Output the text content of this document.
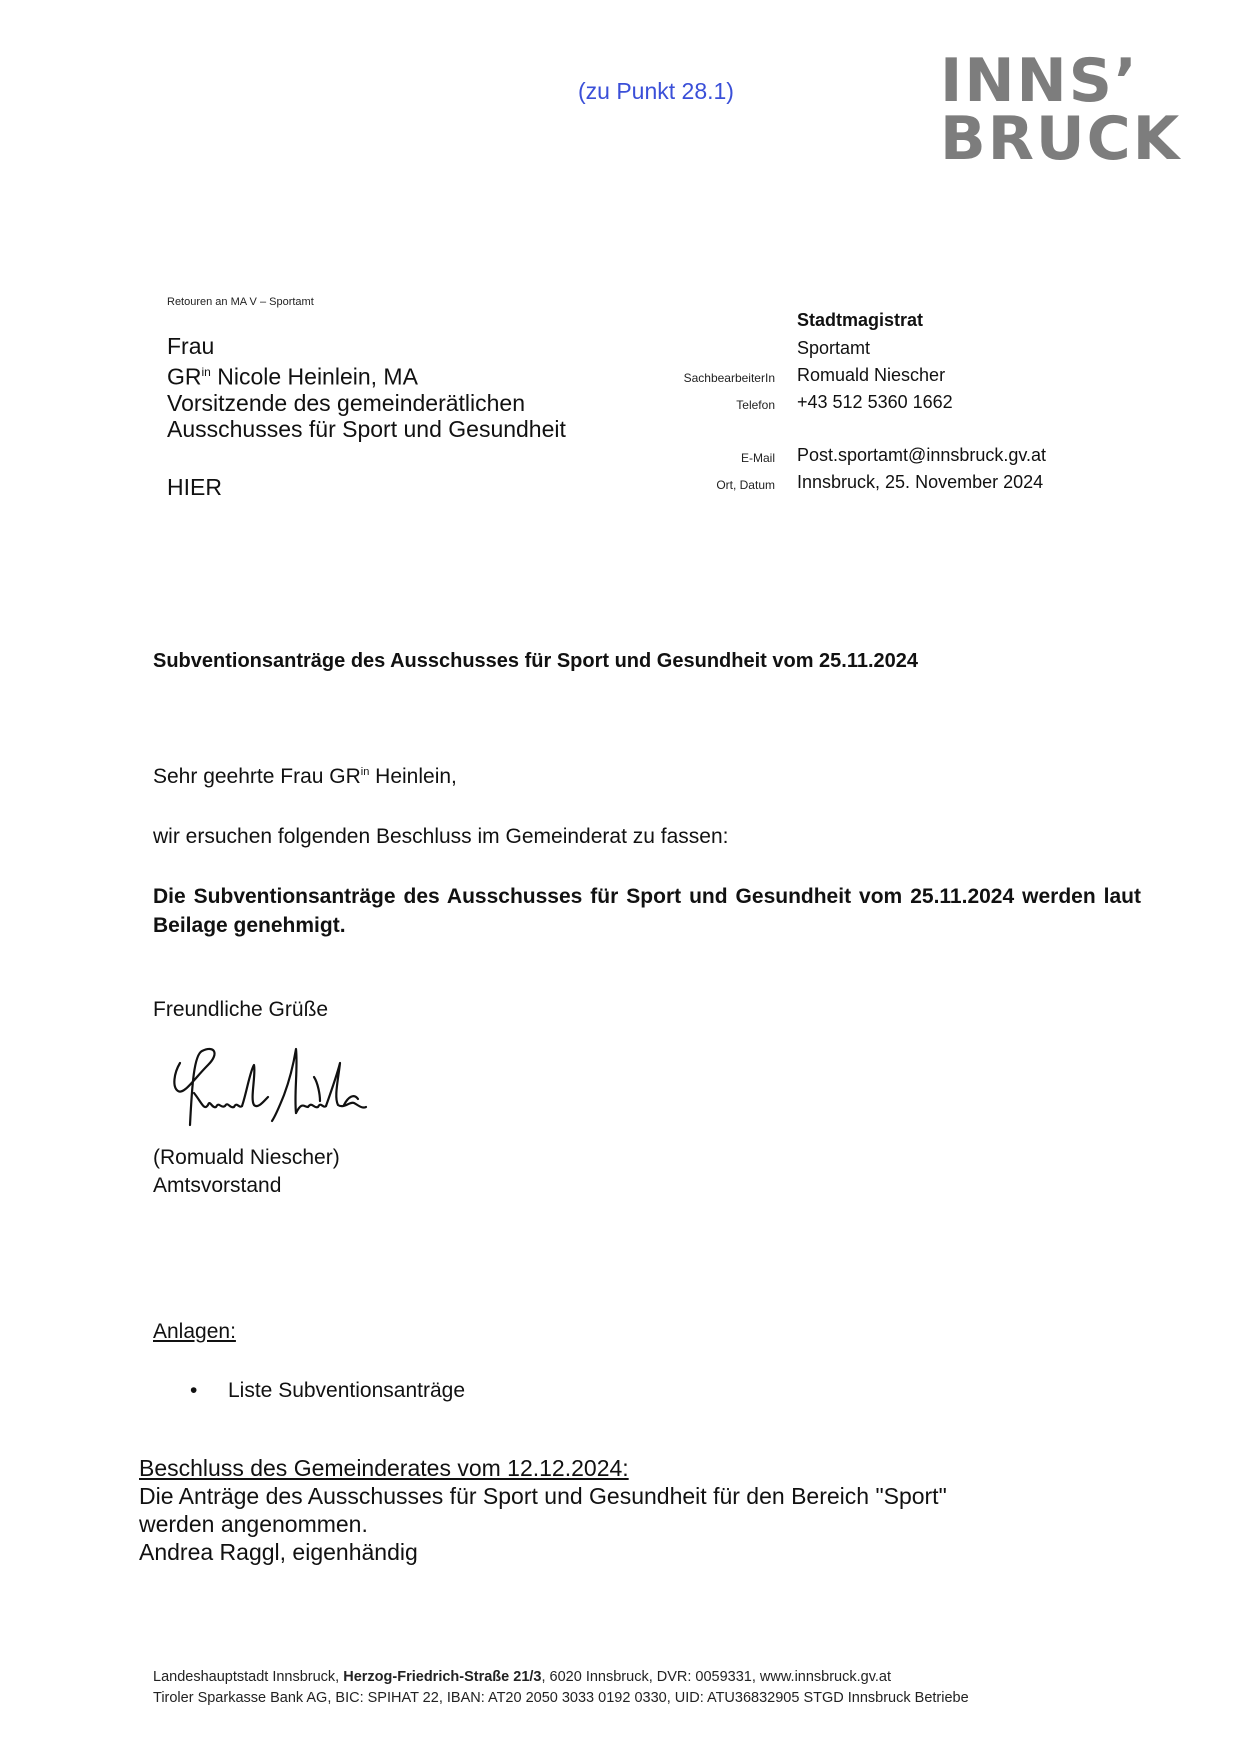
(zu Punkt 28.1)	INNS’
BRUCK
Retouren an MA V – Sportamt
Frau
$GR^{in}$ Nicole Heinlein, MA
Vorsitzende des gemeinderätlichen
Ausschusses für Sport und Gesundheit
HIER
Stadtmagistrat
Sportamt
SachbearbeiterIn Romuald Niescher
Telefon +43 512 5360 1662
E-Mail Post.sportamt@innsbruck.gv.at
Ort, Datum Innsbruck, 25. November 2024
Subventionsanträge des Ausschusses für Sport und Gesundheit vom 25.11.2024
Sehr geehrte Frau $GR^{in}$ Heinlein,
wir ersuchen folgenden Beschluss im Gemeinderat zu fassen:
Die Subventionsanträge des Ausschusses für Sport und Gesundheit vom 25.11.2024 werden laut Beilage genehmigt.
Freundliche Grüße
(Romuald Niescher)
Amtsvorstand
Anlagen:
• Liste Subventionsanträge
Beschluss des Gemeinderates vom 12.12.2024:
Die Anträge des Ausschusses für Sport und Gesundheit für den Bereich "Sport"
werden angenommen.
Andrea Raggl, eigenhändig
Landeshauptstadt Innsbruck, Herzog-Friedrich-Straße 21/3, 6020 Innsbruck, DVR: 0059331, www.innsbruck.gv.at
Tiroler Sparkasse Bank AG, BIC: SPIHAT 22, IBAN: AT20 2050 3033 0192 0330, UID: ATU36832905 STGD Innsbruck Betriebe
